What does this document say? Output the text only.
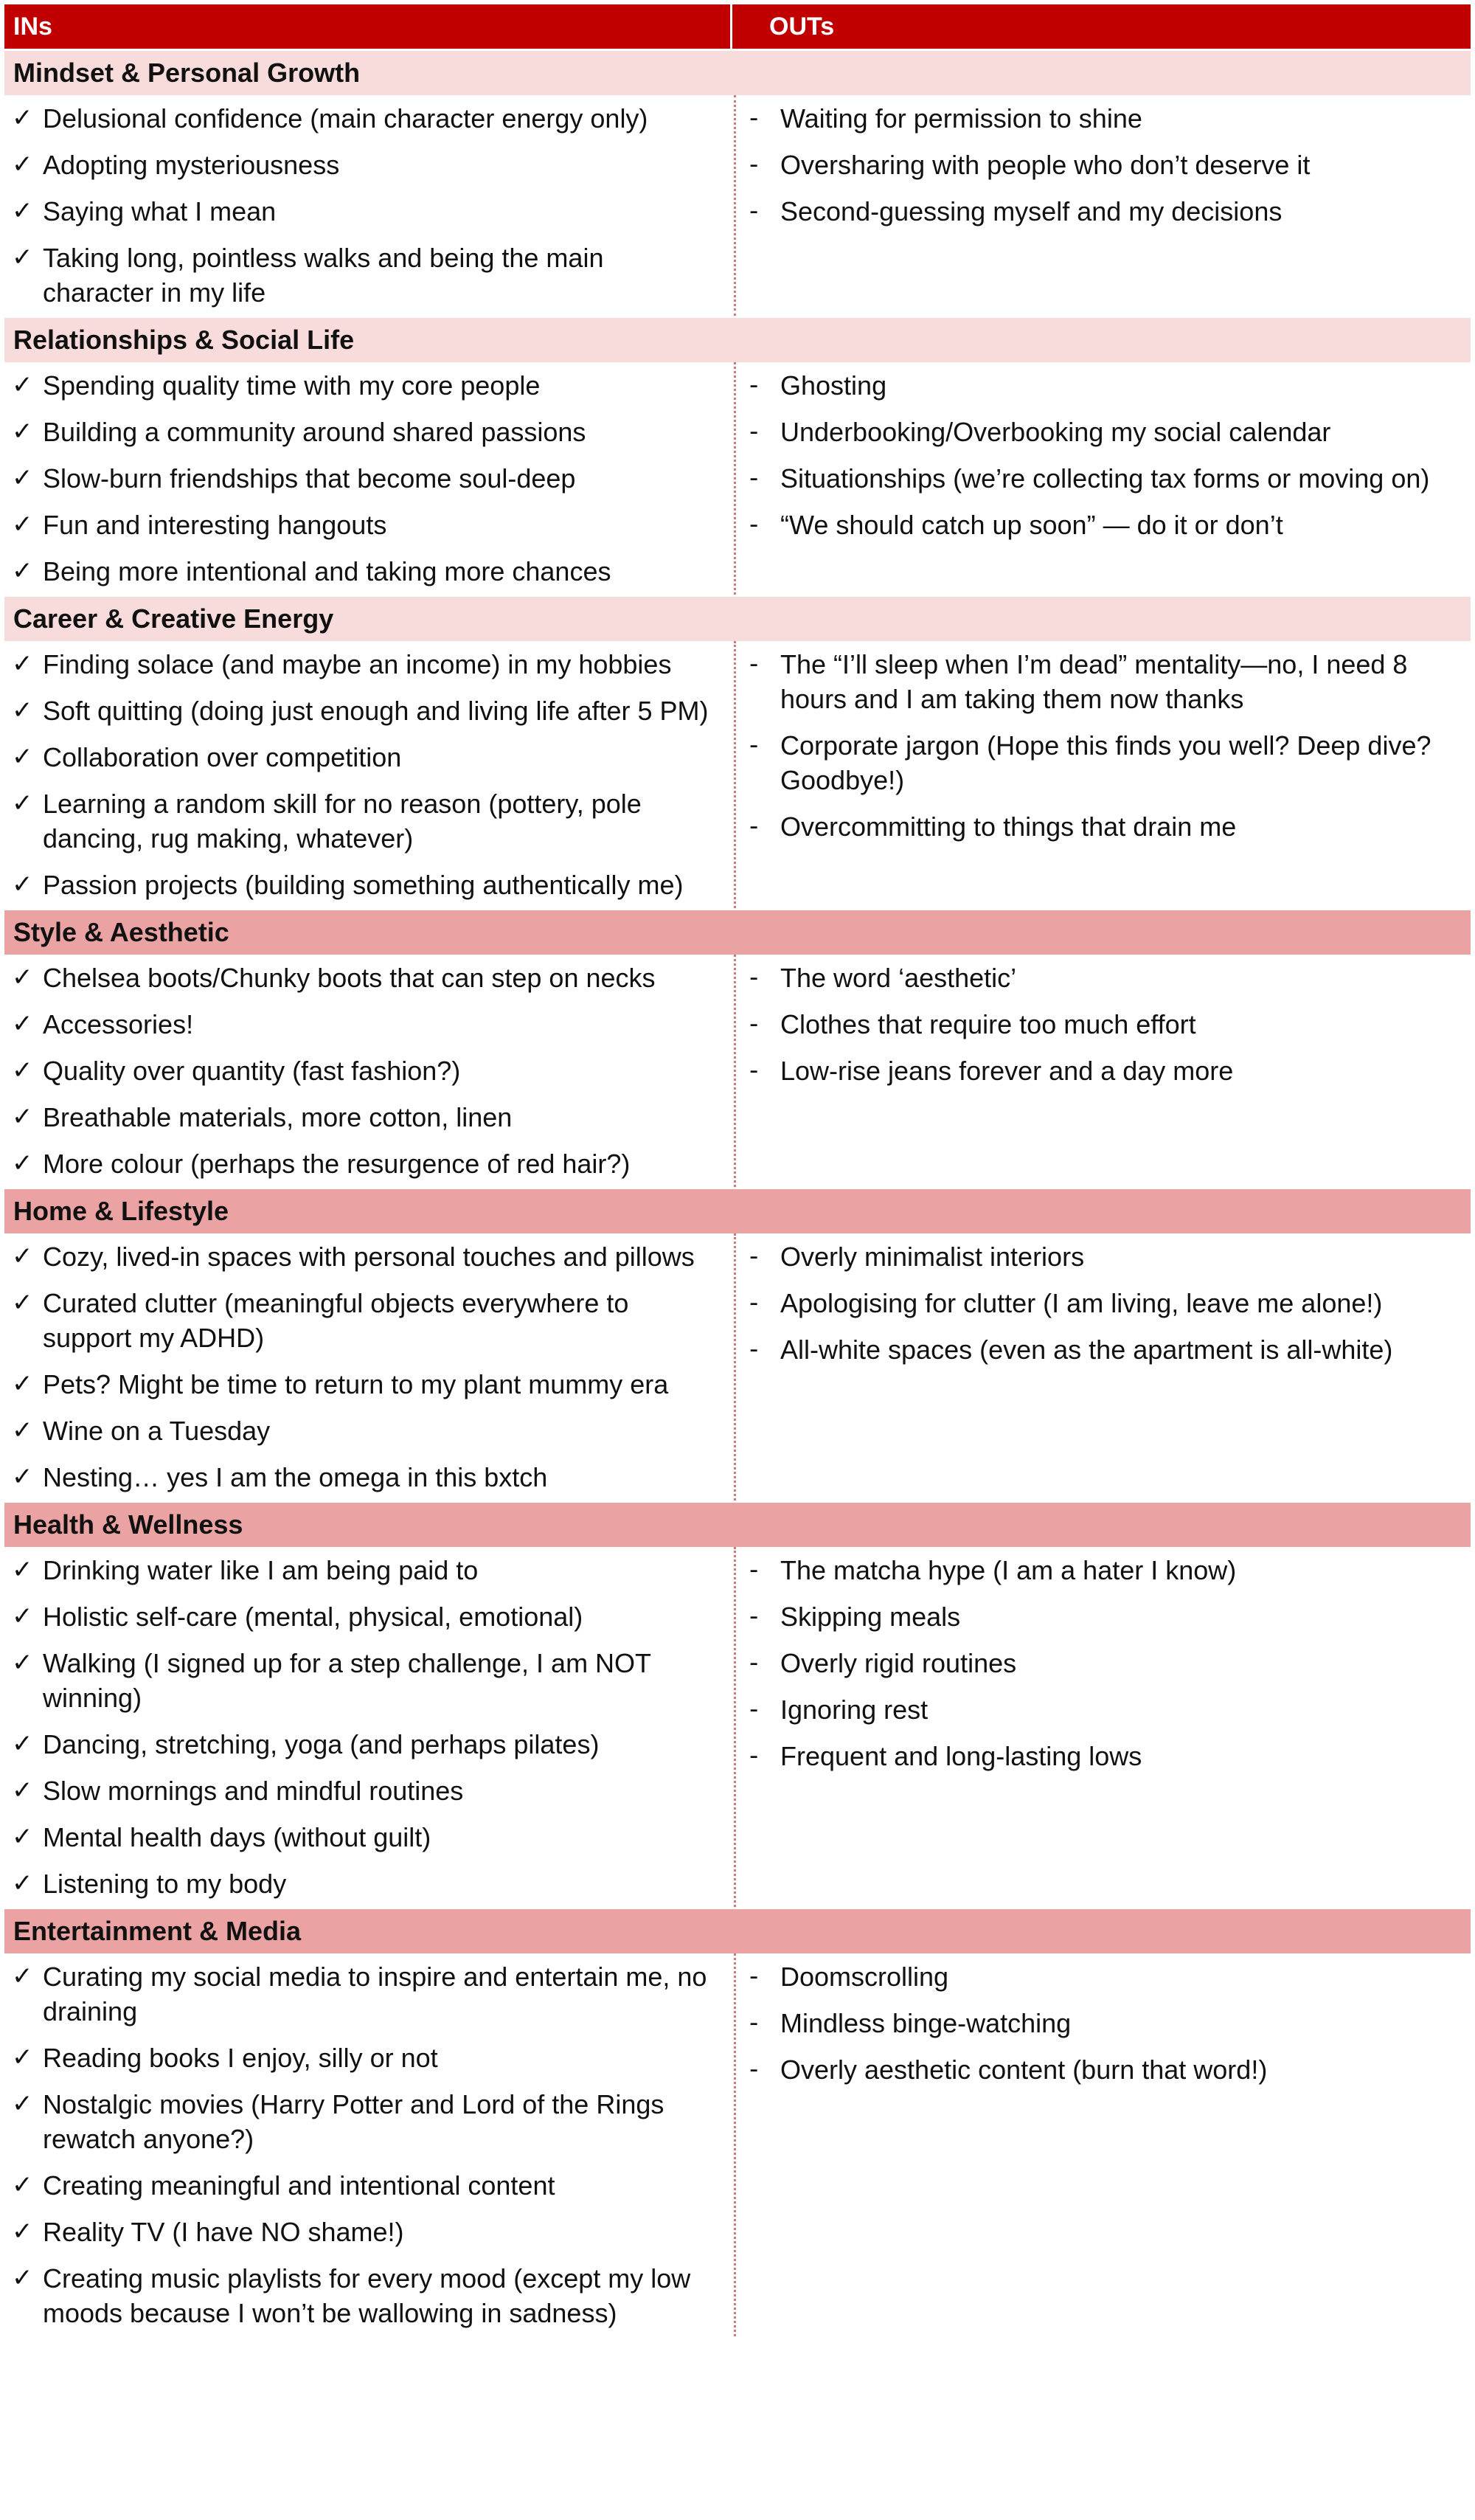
INs	OUTs
Mindset & Personal Growth
✓ Delusional confidence (main character energy only)
✓ Adopting mysteriousness
✓ Saying what I mean
✓ Taking long, pointless walks and being the main character in my life
- Waiting for permission to shine
- Oversharing with people who don’t deserve it
- Second-guessing myself and my decisions
Relationships & Social Life
✓ Spending quality time with my core people
✓ Building a community around shared passions
✓ Slow-burn friendships that become soul-deep
✓ Fun and interesting hangouts
✓ Being more intentional and taking more chances
- Ghosting
- Underbooking/Overbooking my social calendar
- Situationships (we’re collecting tax forms or moving on)
- “We should catch up soon” — do it or don’t
Career & Creative Energy
✓ Finding solace (and maybe an income) in my hobbies
✓ Soft quitting (doing just enough and living life after 5 PM)
✓ Collaboration over competition
✓ Learning a random skill for no reason (pottery, pole dancing, rug making, whatever)
✓ Passion projects (building something authentically me)
- The “I’ll sleep when I’m dead” mentality—no, I need 8 hours and I am taking them now thanks
- Corporate jargon (Hope this finds you well? Deep dive? Goodbye!)
- Overcommitting to things that drain me
Style & Aesthetic
✓ Chelsea boots/Chunky boots that can step on necks
✓ Accessories!
✓ Quality over quantity (fast fashion?)
✓ Breathable materials, more cotton, linen
✓ More colour (perhaps the resurgence of red hair?)
- The word ‘aesthetic’
- Clothes that require too much effort
- Low-rise jeans forever and a day more
Home & Lifestyle
✓ Cozy, lived-in spaces with personal touches and pillows
✓ Curated clutter (meaningful objects everywhere to support my ADHD)
✓ Pets? Might be time to return to my plant mummy era
✓ Wine on a Tuesday
✓ Nesting… yes I am the omega in this bxtch
- Overly minimalist interiors
- Apologising for clutter (I am living, leave me alone!)
- All-white spaces (even as the apartment is all-white)
Health & Wellness
✓ Drinking water like I am being paid to
✓ Holistic self-care (mental, physical, emotional)
✓ Walking (I signed up for a step challenge, I am NOT winning)
✓ Dancing, stretching, yoga (and perhaps pilates)
✓ Slow mornings and mindful routines
✓ Mental health days (without guilt)
✓ Listening to my body
- The matcha hype (I am a hater I know)
- Skipping meals
- Overly rigid routines
- Ignoring rest
- Frequent and long-lasting lows
Entertainment & Media
✓ Curating my social media to inspire and entertain me, no draining
✓ Reading books I enjoy, silly or not
✓ Nostalgic movies (Harry Potter and Lord of the Rings rewatch anyone?)
✓ Creating meaningful and intentional content
✓ Reality TV (I have NO shame!)
✓ Creating music playlists for every mood (except my low moods because I won’t be wallowing in sadness)
- Doomscrolling
- Mindless binge-watching
- Overly aesthetic content (burn that word!)
